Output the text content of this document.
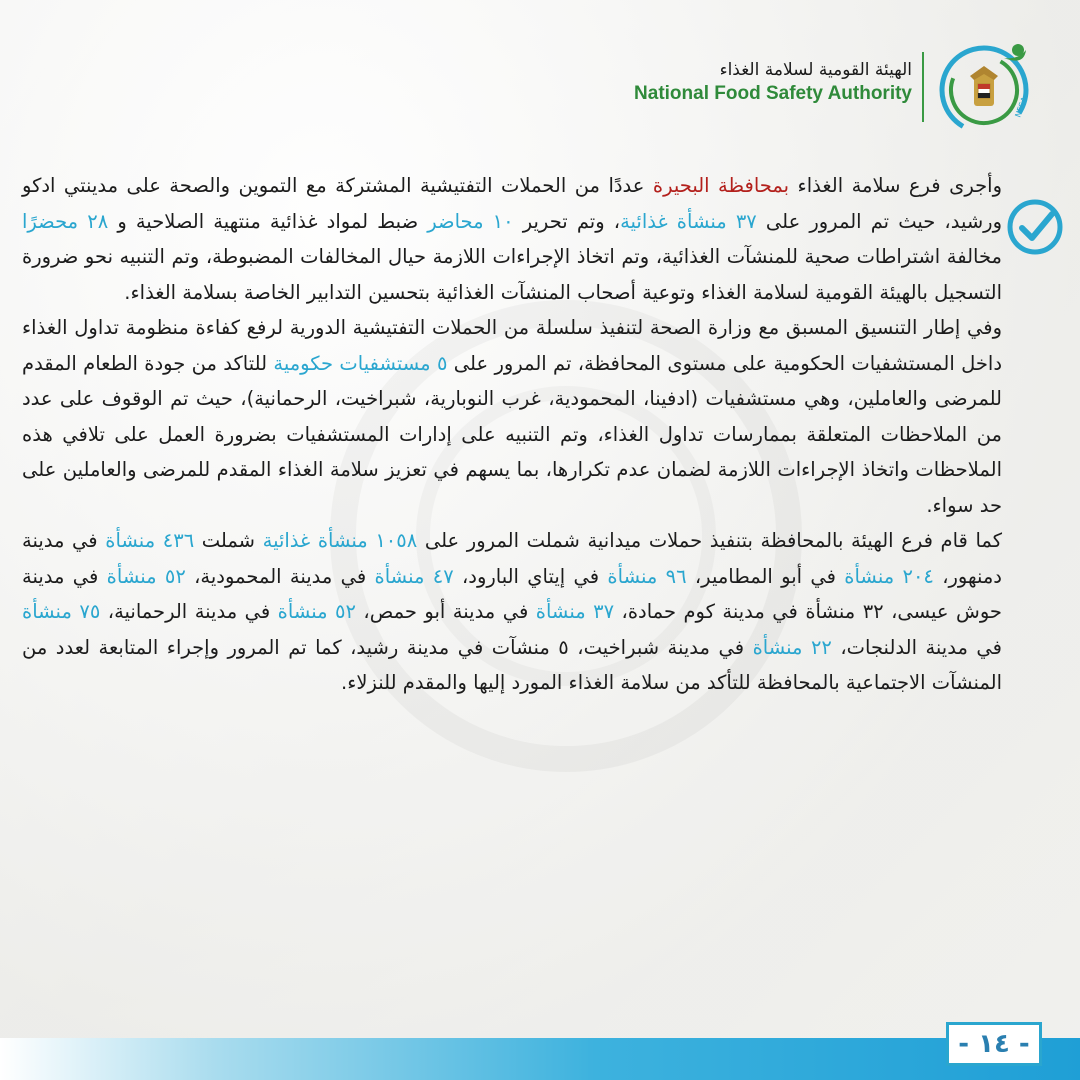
الهيئة القومية لسلامة الغذاء
National Food Safety Authority
NFSA

وأجرى فرع سلامة الغذاء بمحافظة البحيرة عددًا من الحملات التفتيشية المشتركة مع التموين والصحة على مدينتي ادكو ورشيد، حيث تم المرور على ٣٧ منشأة غذائية، وتم تحرير ١٠ محاضر ضبط لمواد غذائية منتهية الصلاحية و ٢٨ محضرًا مخالفة اشتراطات صحية للمنشآت الغذائية، وتم اتخاذ الإجراءات اللازمة حيال المخالفات المضبوطة، وتم التنبيه نحو ضرورة التسجيل بالهيئة القومية لسلامة الغذاء وتوعية أصحاب المنشآت الغذائية بتحسين التدابير الخاصة بسلامة الغذاء.

وفي إطار التنسيق المسبق مع وزارة الصحة لتنفيذ سلسلة من الحملات التفتيشية الدورية لرفع كفاءة منظومة تداول الغذاء داخل المستشفيات الحكومية على مستوى المحافظة، تم المرور على ٥ مستشفيات حكومية للتاكد من جودة الطعام المقدم للمرضى والعاملين، وهي مستشفيات (ادفينا، المحمودية، غرب النوبارية، شبراخيت، الرحمانية)، حيث تم الوقوف على عدد من الملاحظات المتعلقة بممارسات تداول الغذاء، وتم التنبيه على إدارات المستشفيات بضرورة العمل على تلافي هذه الملاحظات واتخاذ الإجراءات اللازمة لضمان عدم تكرارها، بما يسهم في تعزيز سلامة الغذاء المقدم للمرضى والعاملين على حد سواء.

كما قام فرع الهيئة بالمحافظة بتنفيذ حملات ميدانية شملت المرور على ١٠٥٨ منشأة غذائية شملت ٤٣٦ منشأة في مدينة دمنهور، ٢٠٤ منشأة في أبو المطامير، ٩٦ منشأة في إيتاي البارود، ٤٧ منشأة في مدينة المحمودية، ٥٢ منشأة في مدينة حوش عيسى، ٣٢ منشأة في مدينة كوم حمادة، ٣٧ منشأة في مدينة أبو حمص، ٥٢ منشأة في مدينة الرحمانية، ٧٥ منشأة في مدينة الدلنجات، ٢٢ منشأة في مدينة شبراخيت، ٥ منشآت في مدينة رشيد، كما تم المرور وإجراء المتابعة لعدد من المنشآت الاجتماعية بالمحافظة للتأكد من سلامة الغذاء المورد إليها والمقدم للنزلاء.

- ١٤ -
